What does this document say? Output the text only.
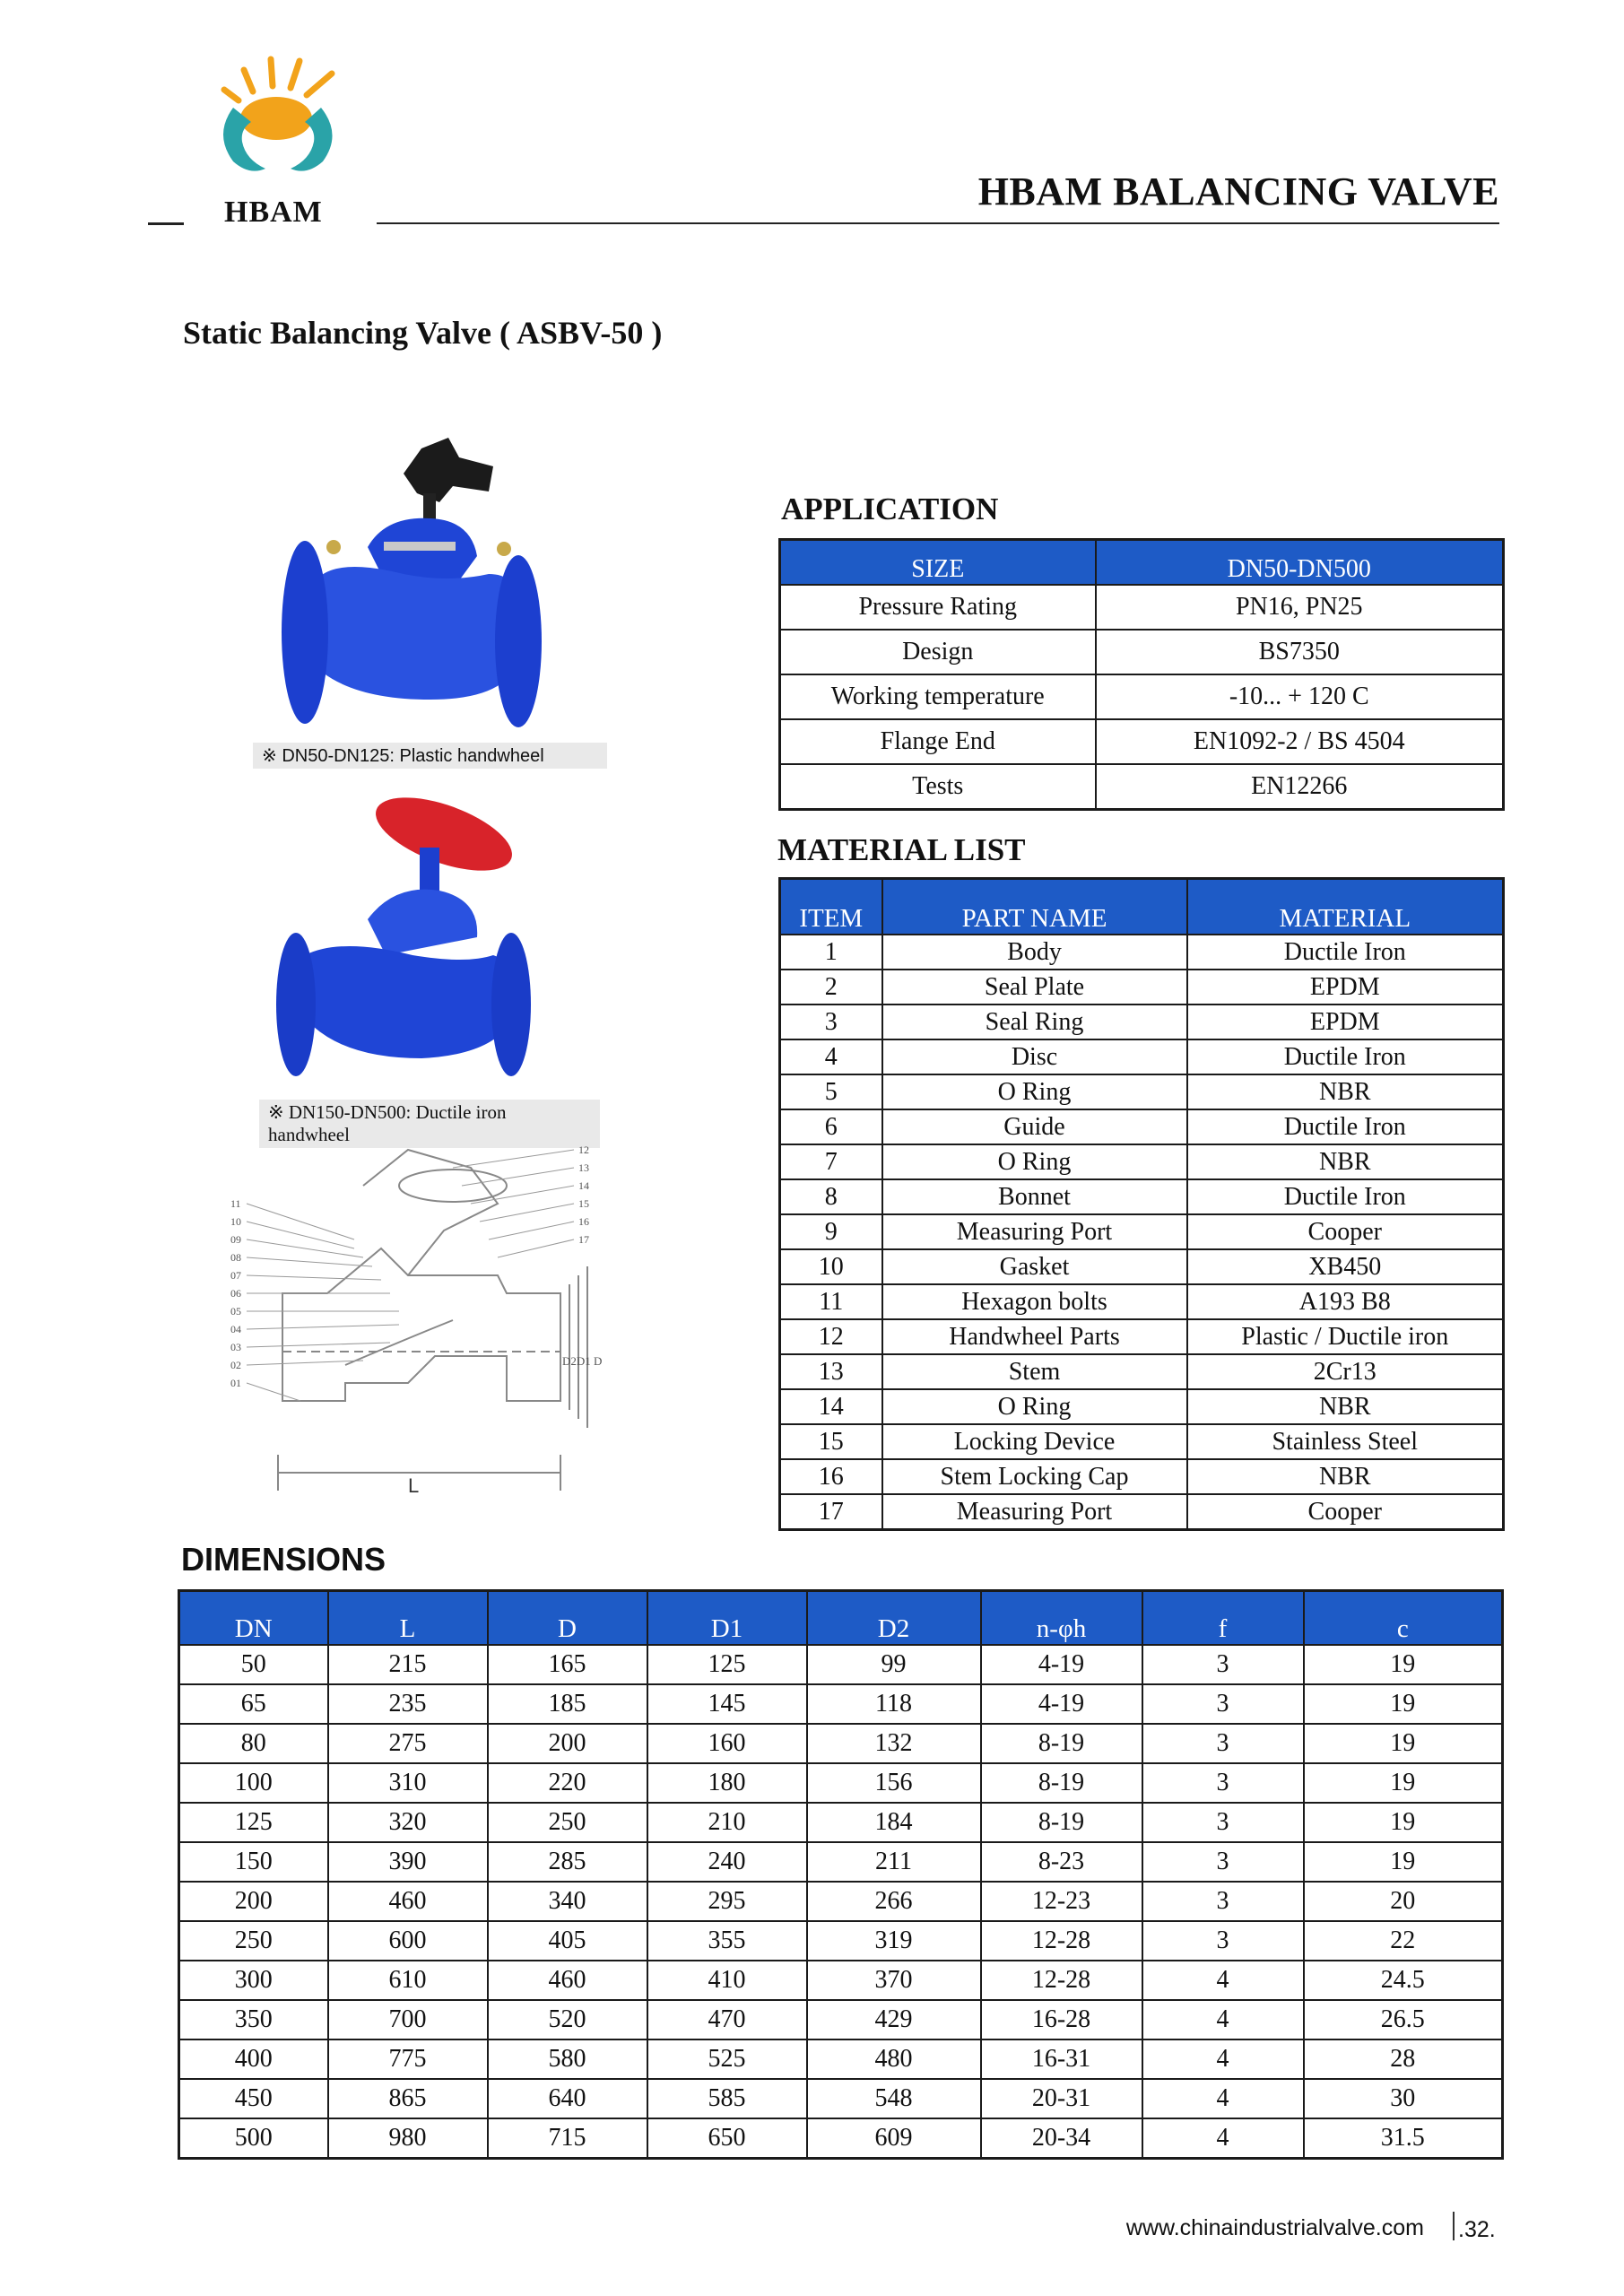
HBAM	HBAM BALANCING VALVE
Static Balancing Valve ( ASBV-50 )
※ DN50-DN125: Plastic handwheel
※ DN150-DN500: Ductile iron handwheel
11
10
09
08
07
06
05
04
03
02
01
12
13
14
15
16
17
D2D1 D
L
APPLICATION
SIZE	DN50-DN500
Pressure Rating	PN16, PN25
Design	BS7350
Working temperature	-10... + 120 C
Flange End	EN1092-2 / BS 4504
Tests	EN12266
MATERIAL LIST
ITEM	PART NAME	MATERIAL
1	Body	Ductile Iron
2	Seal Plate	EPDM
3	Seal Ring	EPDM
4	Disc	Ductile Iron
5	O Ring	NBR
6	Guide	Ductile Iron
7	O Ring	NBR
8	Bonnet	Ductile Iron
9	Measuring Port	Cooper
10	Gasket	XB450
11	Hexagon bolts	A193 B8
12	Handwheel Parts	Plastic / Ductile iron
13	Stem	2Cr13
14	O Ring	NBR
15	Locking Device	Stainless Steel
16	Stem Locking Cap	NBR
17	Measuring Port	Cooper
DIMENSIONS
DN	L	D	D1	D2	n-φh	f	c
50	215	165	125	99	4-19	3	19
65	235	185	145	118	4-19	3	19
80	275	200	160	132	8-19	3	19
100	310	220	180	156	8-19	3	19
125	320	250	210	184	8-19	3	19
150	390	285	240	211	8-23	3	19
200	460	340	295	266	12-23	3	20
250	600	405	355	319	12-28	3	22
300	610	460	410	370	12-28	4	24.5
350	700	520	470	429	16-28	4	26.5
400	775	580	525	480	16-31	4	28
450	865	640	585	548	20-31	4	30
500	980	715	650	609	20-34	4	31.5
www.chinaindustrialvalve.com .32.
